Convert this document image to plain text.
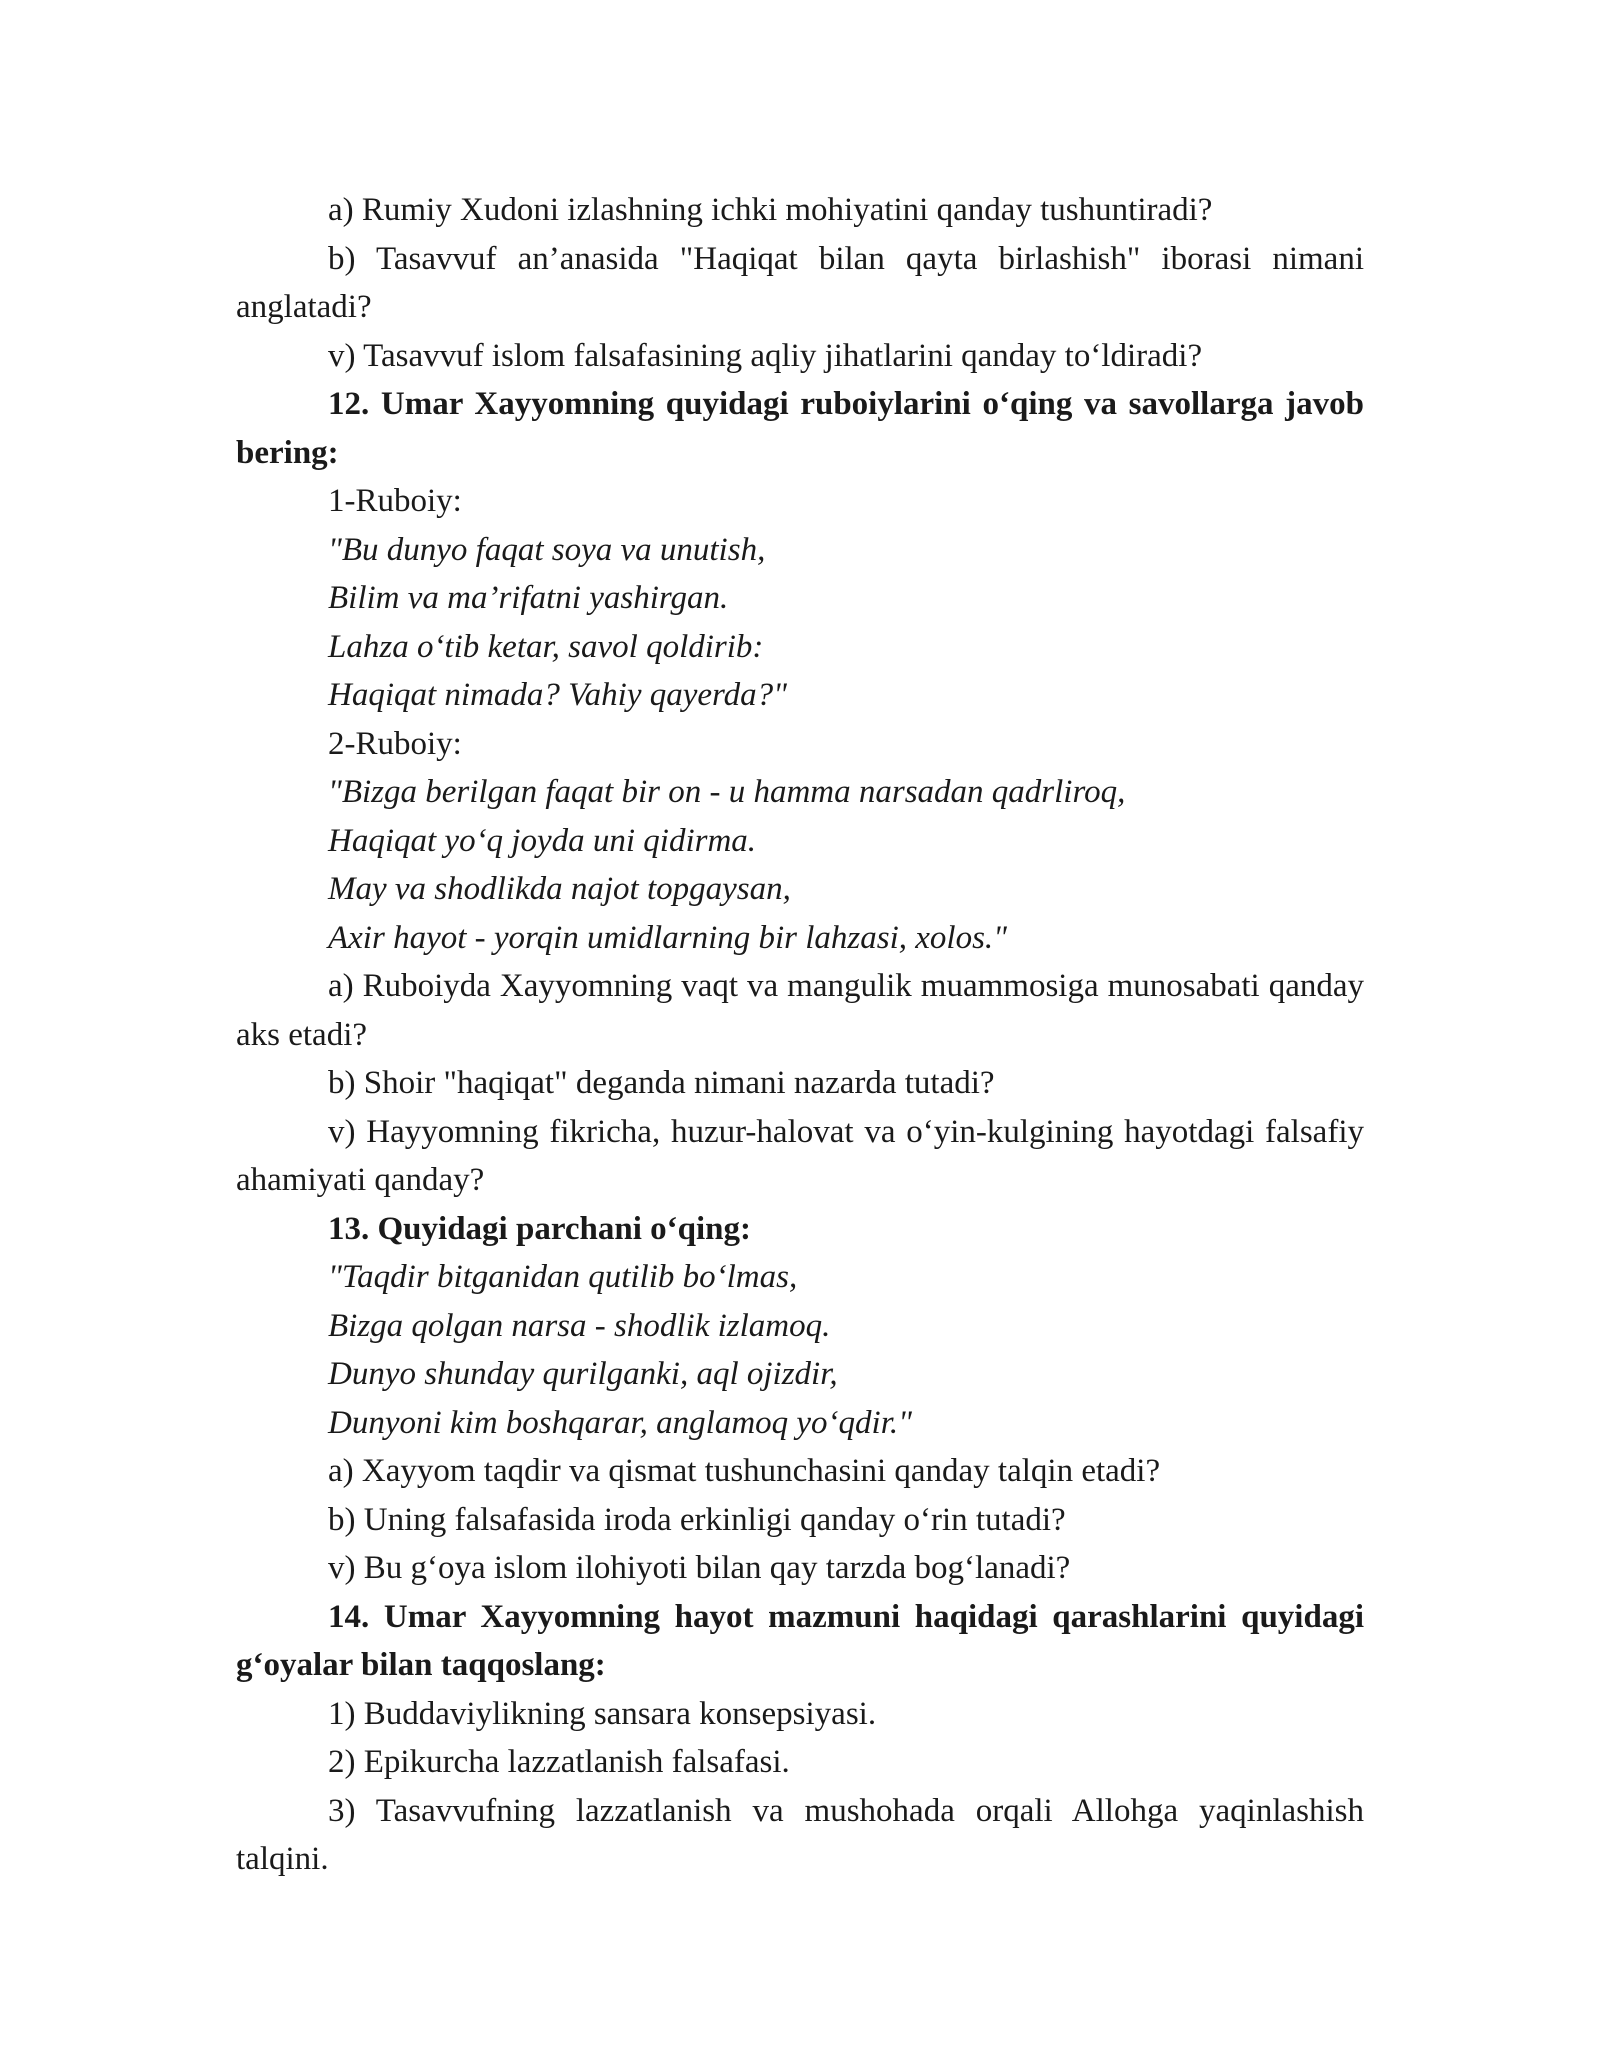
a) Rumiy Xudoni izlashning ichki mohiyatini qanday tushuntiradi?

b) Tasavvuf an’anasida "Haqiqat bilan qayta birlashish" iborasi nimani anglatadi?

v) Tasavvuf islom falsafasining aqliy jihatlarini qanday to‘ldiradi?

12. Umar Xayyomning quyidagi ruboiylarini o‘qing va savollarga javob bering:

1-Ruboiy:

"Bu dunyo faqat soya va unutish,

Bilim va ma’rifatni yashirgan.

Lahza o‘tib ketar, savol qoldirib:

Haqiqat nimada? Vahiy qayerda?"

2-Ruboiy:

"Bizga berilgan faqat bir on - u hamma narsadan qadrliroq,

Haqiqat yo‘q joyda uni qidirma.

May va shodlikda najot topgaysan,

Axir hayot - yorqin umidlarning bir lahzasi, xolos."

a) Ruboiyda Xayyomning vaqt va mangulik muammosiga munosabati qanday aks etadi?

b) Shoir "haqiqat" deganda nimani nazarda tutadi?

v) Hayyomning fikricha, huzur-halovat va o‘yin-kulgining hayotdagi falsafiy ahamiyati qanday?

13. Quyidagi parchani o‘qing:

"Taqdir bitganidan qutilib bo‘lmas,

Bizga qolgan narsa - shodlik izlamoq.

Dunyo shunday qurilganki, aql ojizdir,

Dunyoni kim boshqarar, anglamoq yo‘qdir."

a) Xayyom taqdir va qismat tushunchasini qanday talqin etadi?

b) Uning falsafasida iroda erkinligi qanday o‘rin tutadi?

v) Bu g‘oya islom ilohiyoti bilan qay tarzda bog‘lanadi?

14. Umar Xayyomning hayot mazmuni haqidagi qarashlarini quyidagi g‘oyalar bilan taqqoslang:

1) Buddaviylikning sansara konsepsiyasi.

2) Epikurcha lazzatlanish falsafasi.

3) Tasavvufning lazzatlanish va mushohada orqali Allohga yaqinlashish talqini.
